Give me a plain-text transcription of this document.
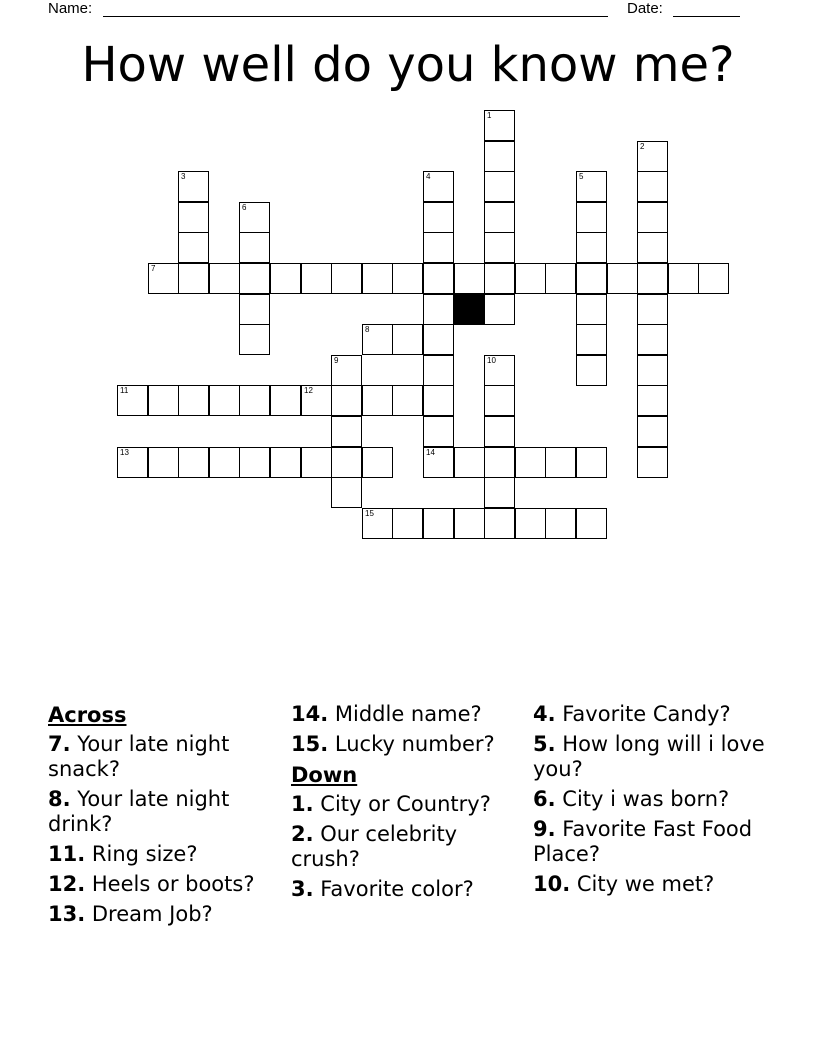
Name:	Date:
How well do you know me?
1
2
3	4	5
6
7
8
9	10
11	12
13	14
15
Across
7. Your late night snack?
8. Your late night drink?
11. Ring size?
12. Heels or boots?
13. Dream Job?
14. Middle name?
15. Lucky number?
Down
1. City or Country?
2. Our celebrity crush?
3. Favorite color?
4. Favorite Candy?
5. How long will i love you?
6. City i was born?
9. Favorite Fast Food Place?
10. City we met?
